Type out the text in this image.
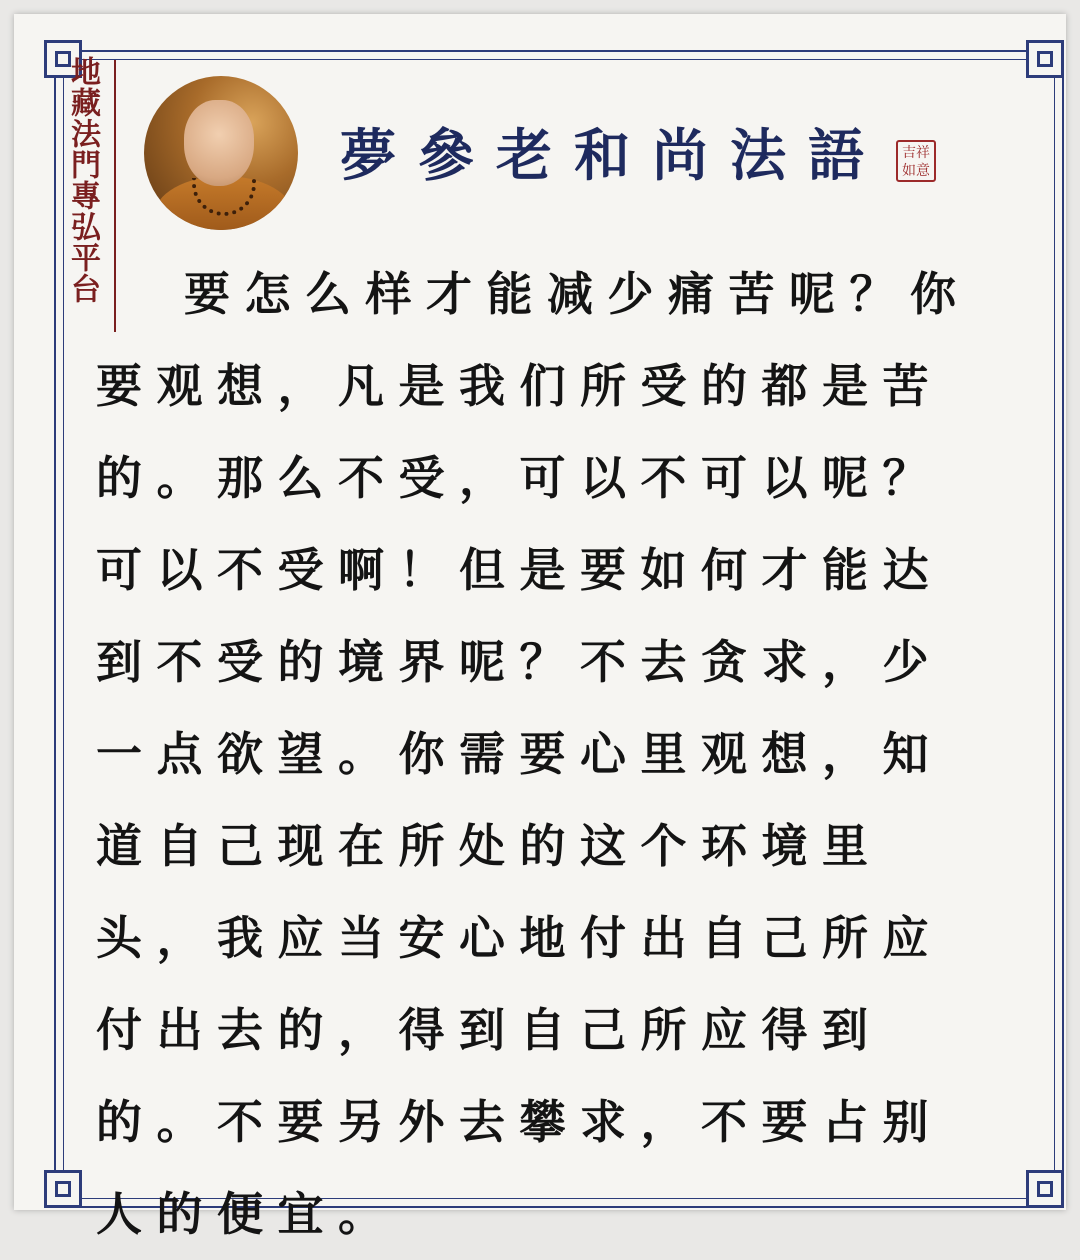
地藏法門專弘平台	夢參老和尚法語	吉祥
如意
要怎么样才能减少痛苦呢？你要观想，凡是我们所受的都是苦的。那么不受，可以不可以呢？可以不受啊！但是要如何才能达到不受的境界呢？不去贪求，少一点欲望。你需要心里观想，知道自己现在所处的这个环境里头，我应当安心地付出自己所应付出去的，得到自己所应得到的。不要另外去攀求，不要占别人的便宜。
